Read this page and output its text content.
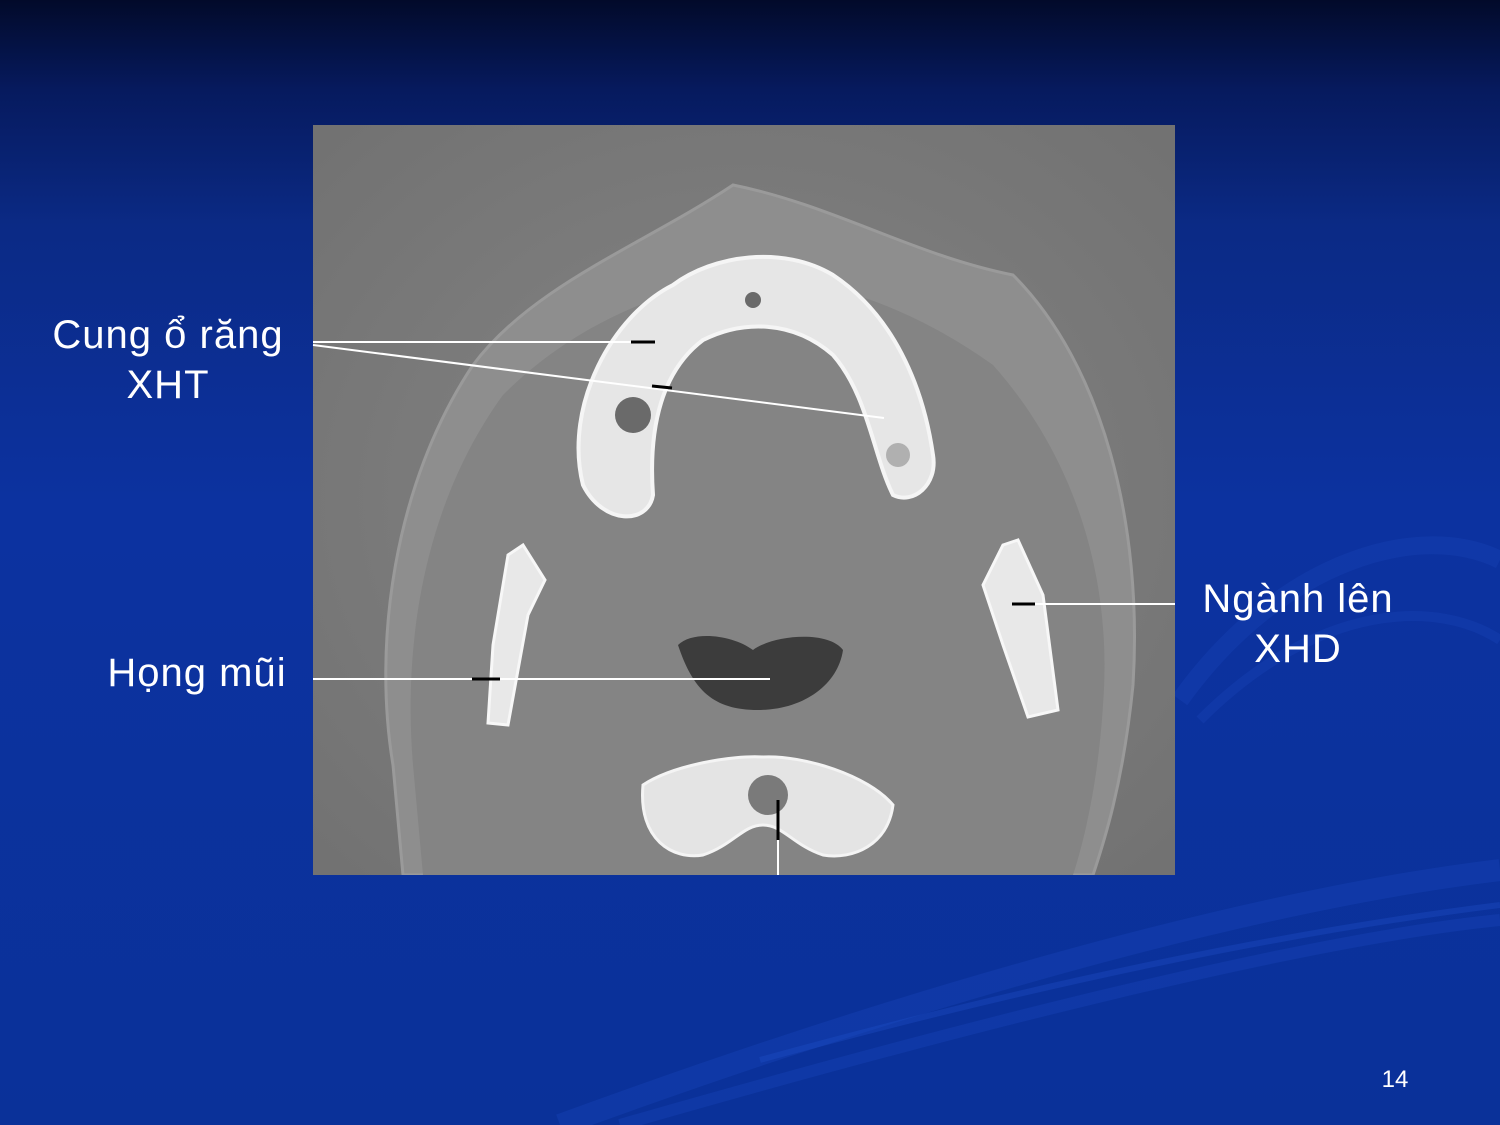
Cung ổ răng
XHT
Ngành lên
XHD
Họng mũi
14
